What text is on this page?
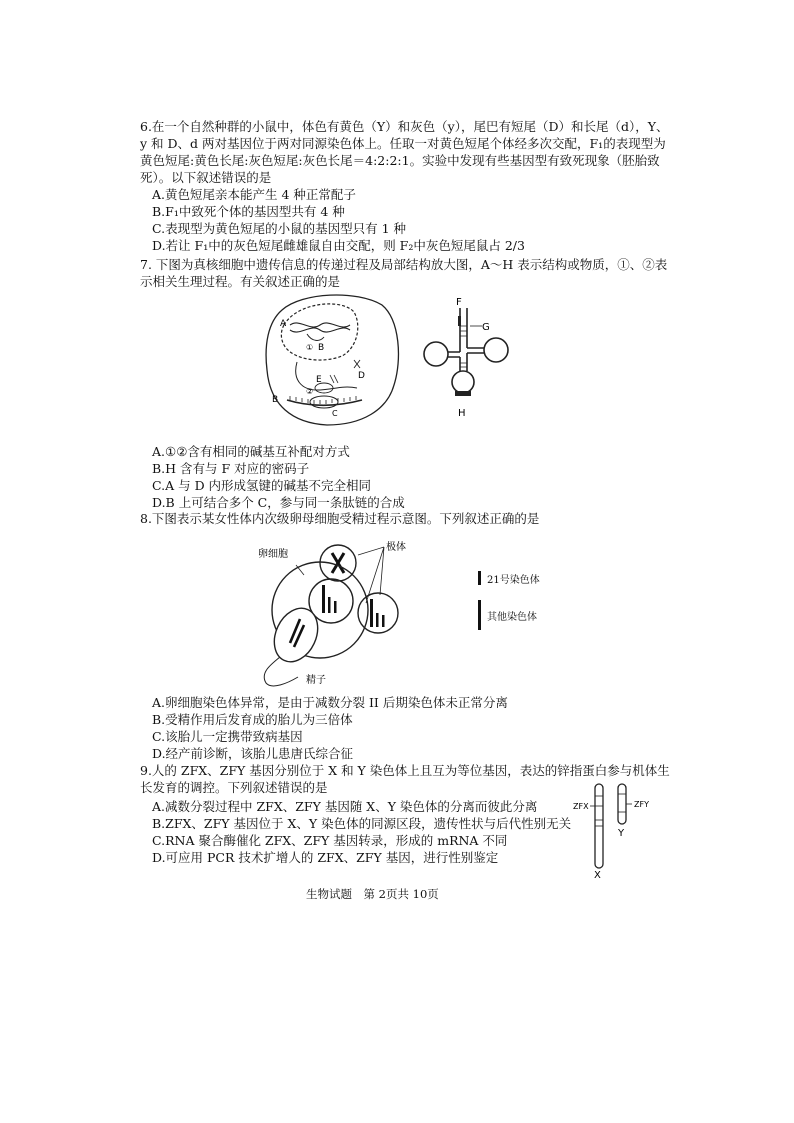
6.在一个自然种群的小鼠中，体色有黄色（Y）和灰色（y），尾巴有短尾（D）和长尾（d），Y、
y 和 D、d 两对基因位于两对同源染色体上。任取一对黄色短尾个体经多次交配，F₁的表现型为
黄色短尾:黄色长尾:灰色短尾:灰色长尾＝4:2:2:1。实验中发现有些基因型有致死现象（胚胎致
死）。以下叙述错误的是
A.黄色短尾亲本能产生 4 种正常配子
B.F₁中致死个体的基因型共有 4 种
C.表现型为黄色短尾的小鼠的基因型只有 1 种
D.若让 F₁中的灰色短尾雌雄鼠自由交配，则 F₂中灰色短尾鼠占 2/3
7. 下图为真核细胞中遗传信息的传递过程及局部结构放大图，A～H 表示结构或物质，①、②表
示相关生理过程。有关叙述正确的是
A
B
B
D
E
①
②
C
F
G
H
A.①②含有相同的碱基互补配对方式
B.H 含有与 F 对应的密码子
C.A 与 D 内形成氢键的碱基不完全相同
D.B 上可结合多个 C，参与同一条肽链的合成
8.下图表示某女性体内次级卵母细胞受精过程示意图。下列叙述正确的是
卵细胞
极体
精子
21号染色体
其他染色体
A.卵细胞染色体异常，是由于减数分裂 II 后期染色体未正常分离
B.受精作用后发育成的胎儿为三倍体
C.该胎儿一定携带致病基因
D.经产前诊断，该胎儿患唐氏综合征
9.人的 ZFX、ZFY 基因分别位于 X 和 Y 染色体上且互为等位基因，表达的锌指蛋白参与机体生
长发育的调控。下列叙述错误的是
A.减数分裂过程中 ZFX、ZFY 基因随 X、Y 染色体的分离而彼此分离
B.ZFX、ZFY 基因位于 X、Y 染色体的同源区段，遗传性状与后代性别无关
C.RNA 聚合酶催化 ZFX、ZFY 基因转录，形成的 mRNA 不同
D.可应用 PCR 技术扩增人的 ZFX、ZFY 基因，进行性别鉴定
ZFX	ZFY
X
Y
生物试题　第 2页共 10页
